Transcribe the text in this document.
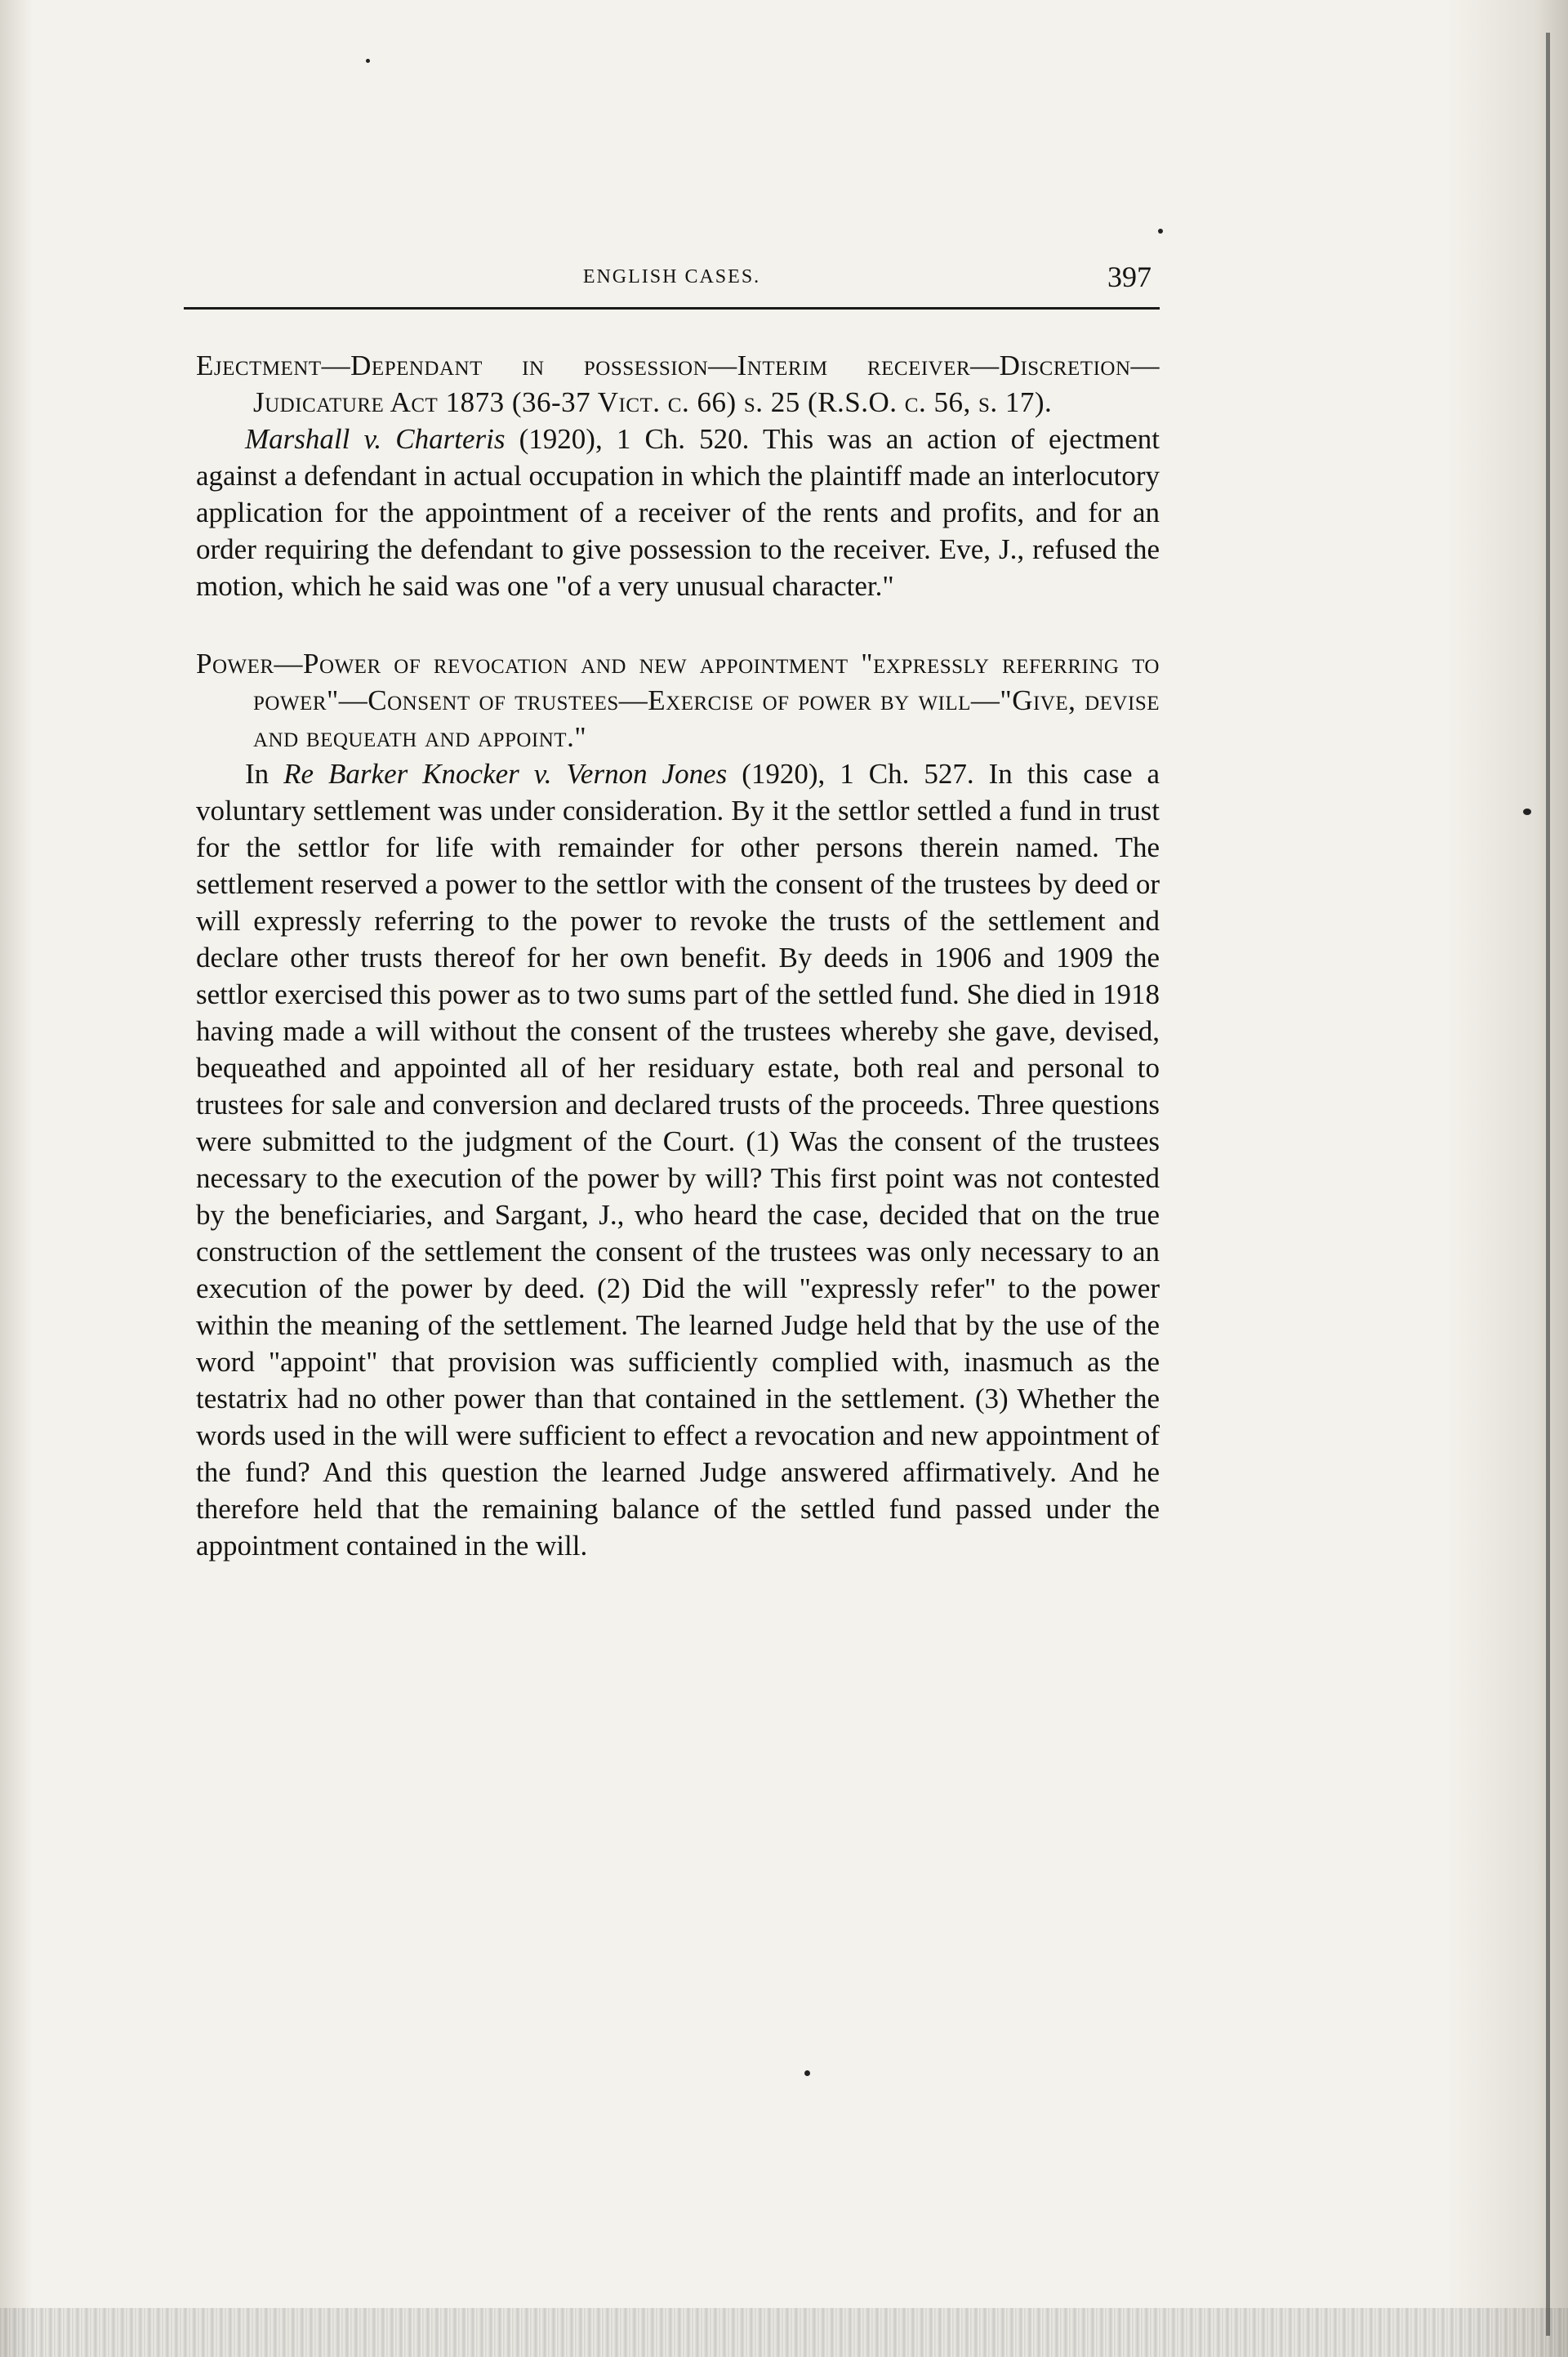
ENGLISH CASES.	397

Ejectment—Dependant in possession—Interim receiver—Discretion—Judicature Act 1873 (36-37 Vict. c. 66) s. 25 (R.S.O. c. 56, s. 17).

Marshall v. Charteris (1920), 1 Ch. 520. This was an action of ejectment against a defendant in actual occupation in which the plaintiff made an interlocutory application for the appointment of a receiver of the rents and profits, and for an order requiring the defendant to give possession to the receiver. Eve, J., refused the motion, which he said was one "of a very unusual character."

Power—Power of revocation and new appointment "expressly referring to power"—Consent of trustees—Exercise of power by will—"Give, devise and bequeath and appoint."

In Re Barker Knocker v. Vernon Jones (1920), 1 Ch. 527. In this case a voluntary settlement was under consideration. By it the settlor settled a fund in trust for the settlor for life with remainder for other persons therein named. The settlement reserved a power to the settlor with the consent of the trustees by deed or will expressly referring to the power to revoke the trusts of the settlement and declare other trusts thereof for her own benefit. By deeds in 1906 and 1909 the settlor exercised this power as to two sums part of the settled fund. She died in 1918 having made a will without the consent of the trustees whereby she gave, devised, bequeathed and appointed all of her residuary estate, both real and personal to trustees for sale and conversion and declared trusts of the proceeds. Three questions were submitted to the judgment of the Court. (1) Was the consent of the trustees necessary to the execution of the power by will? This first point was not contested by the beneficiaries, and Sargant, J., who heard the case, decided that on the true construction of the settlement the consent of the trustees was only necessary to an execution of the power by deed. (2) Did the will "expressly refer" to the power within the meaning of the settlement. The learned Judge held that by the use of the word "appoint" that provision was sufficiently complied with, inasmuch as the testatrix had no other power than that contained in the settlement. (3) Whether the words used in the will were sufficient to effect a revocation and new appointment of the fund? And this question the learned Judge answered affirmatively. And he therefore held that the remaining balance of the settled fund passed under the appointment contained in the will.
